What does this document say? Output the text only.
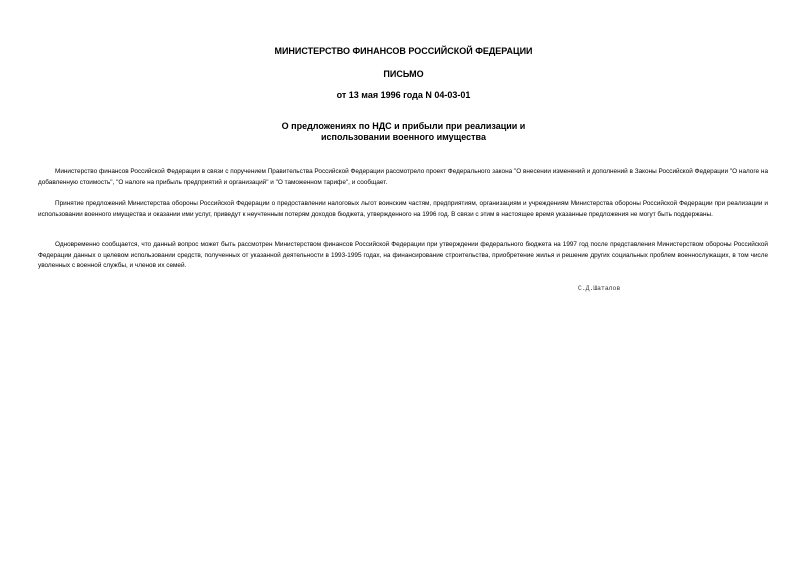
МИНИСТЕРСТВО ФИНАНСОВ РОССИЙСКОЙ ФЕДЕРАЦИИ
ПИСЬМО
от 13 мая 1996 года N 04-03-01
О предложениях по НДС и прибыли при реализации и
использовании военного имущества

Министерство финансов Российской Федерации в связи с поручением Правительства Российской Федерации рассмотрело проект Федерального закона "О внесении изменений и дополнений в Законы Российской Федерации "О налоге на добавленную стоимость", "О налоге на прибыль предприятий и организаций" и "О таможенном тарифе", и сообщает.

Принятие предложений Министерства обороны Российской Федерации о предоставлении налоговых льгот воинским частям, предприятиям, организациям и учреждениям Министерства обороны Российской Федерации при реализации и использовании военного имущества и оказании ими услуг, приведут к неучтенным потерям доходов бюджета, утвержденного на 1996 год. В связи с этим в настоящее время указанные предложения не могут быть поддержаны.

Одновременно сообщается, что данный вопрос может быть рассмотрен Министерством финансов Российской Федерации при утверждении федерального бюджета на 1997 год после представления Министерством обороны Российской Федерации данных о целевом использовании средств, полученных от указанной деятельности в 1993-1995 годах, на финансирование строительства, приобретение жилья и решение других социальных проблем военнослужащих, в том числе уволенных с военной службы, и членов их семей.

С.Д.Шаталов
